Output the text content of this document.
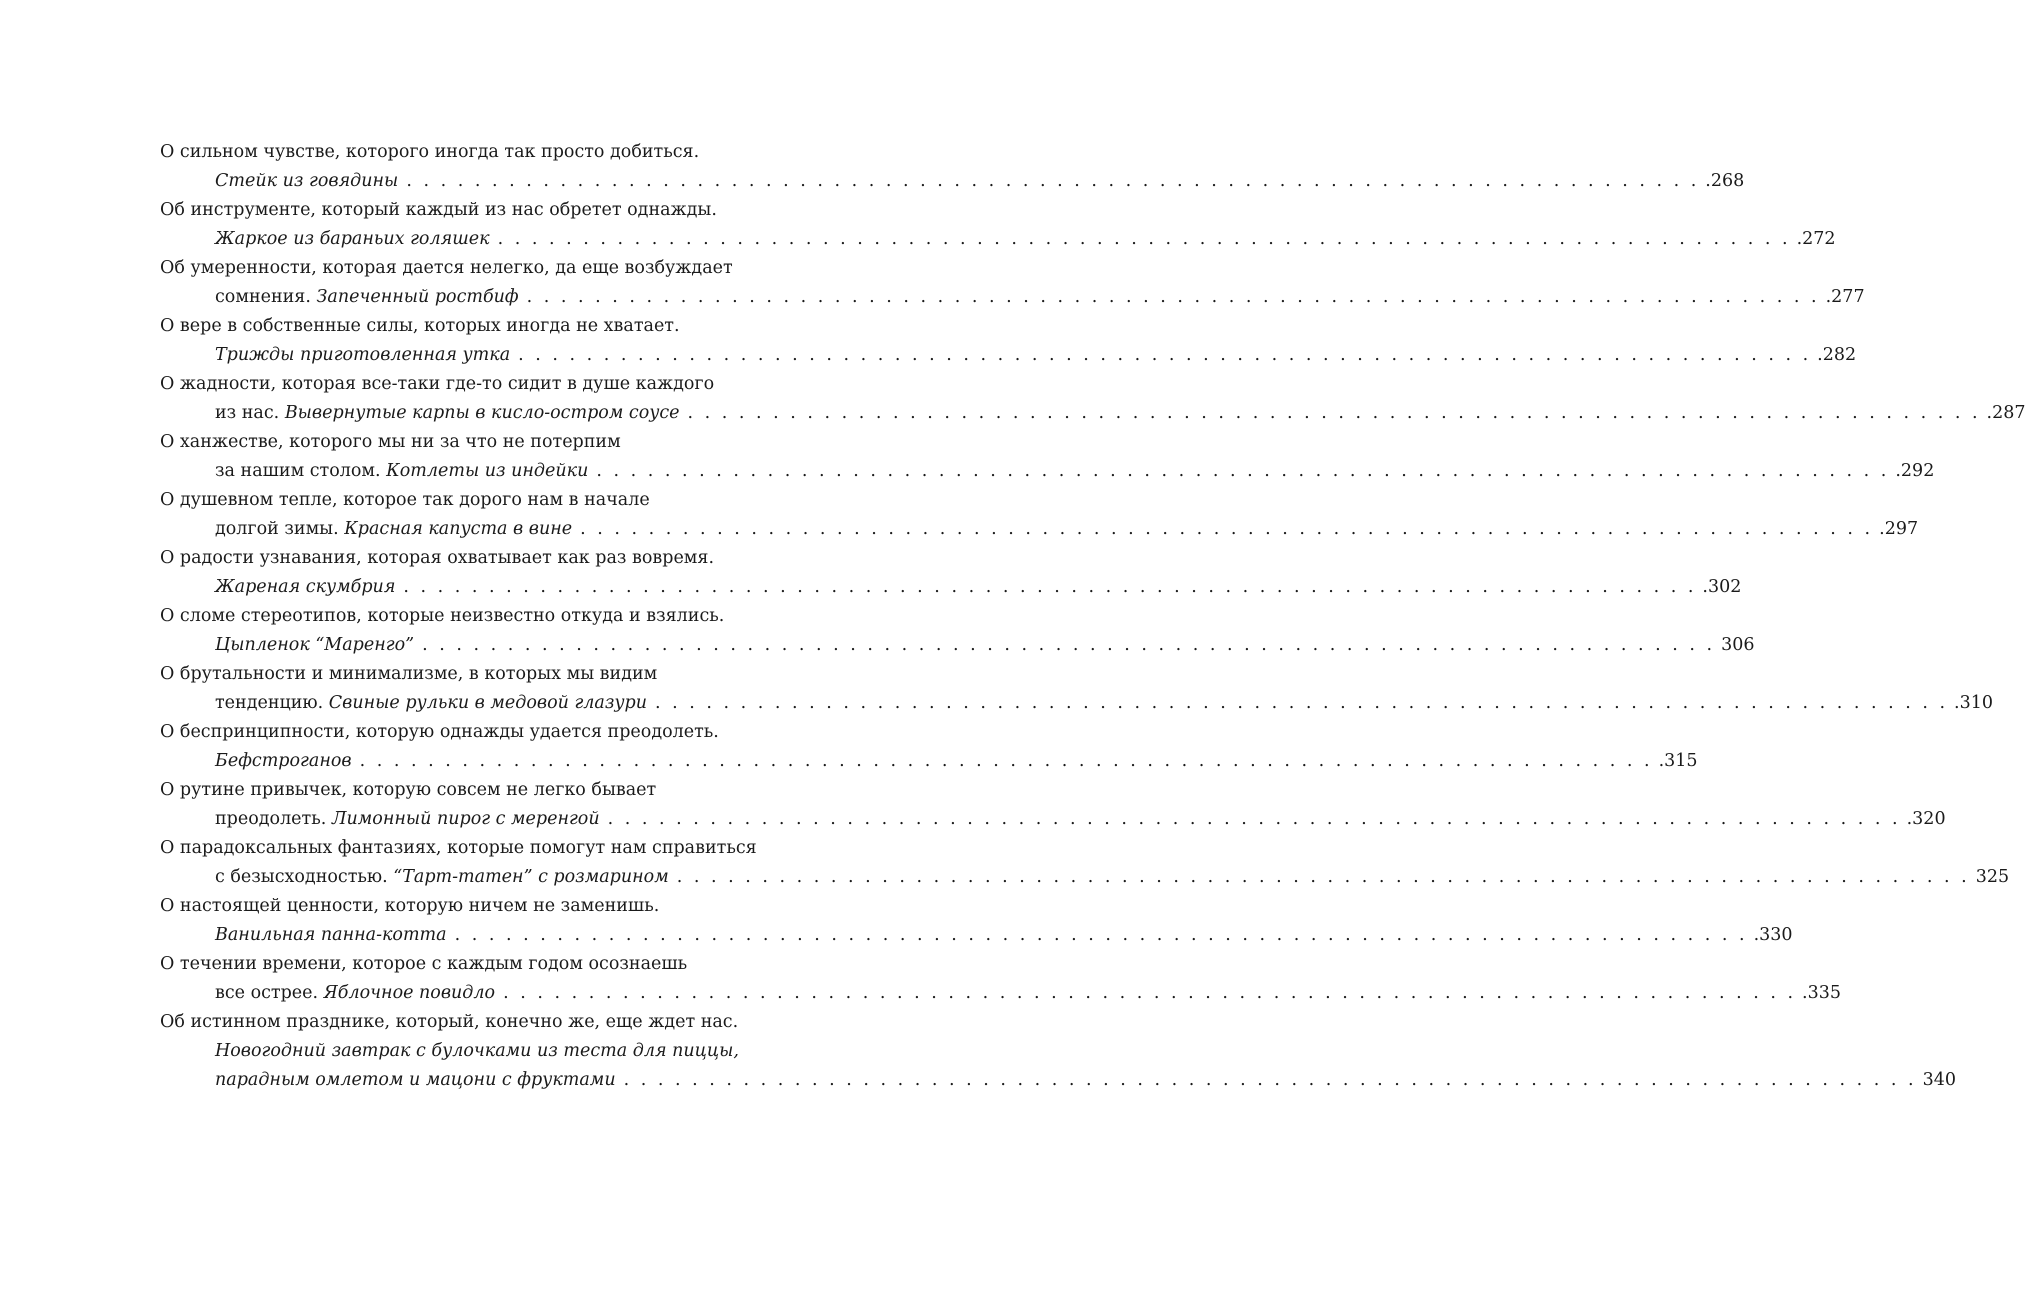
О сильном чувстве, которого иногда так просто добиться.
Стейк из говядины . . . . . . . . . . . . . . . . . . . . . . . . . . . . . . . . . . . . . . . . . . . . . . . . . . . . . . . . . . . . . . . . . . . . . . . . . . . . .268
Об инструменте, который каждый из нас обретет однажды.
Жаркое из бараньих голяшек . . . . . . . . . . . . . . . . . . . . . . . . . . . . . . . . . . . . . . . . . . . . . . . . . . . . . . . . . . . . . . . . . . . . . . . . . . . . .272
Об умеренности, которая дается нелегко, да еще возбуждает
сомнения. Запеченный ростбиф . . . . . . . . . . . . . . . . . . . . . . . . . . . . . . . . . . . . . . . . . . . . . . . . . . . . . . . . . . . . . . . . . . . . . . . . . . . . .277
О вере в собственные силы, которых иногда не хватает.
Трижды приготовленная утка . . . . . . . . . . . . . . . . . . . . . . . . . . . . . . . . . . . . . . . . . . . . . . . . . . . . . . . . . . . . . . . . . . . . . . . . . . . . .282
О жадности, которая все-таки где-то сидит в душе каждого
из нас. Вывернутые карпы в кисло-остром соусе . . . . . . . . . . . . . . . . . . . . . . . . . . . . . . . . . . . . . . . . . . . . . . . . . . . . . . . . . . . . . . . . . . . . . . . . . . . . .287
О ханжестве, которого мы ни за что не потерпим
за нашим столом. Котлеты из индейки . . . . . . . . . . . . . . . . . . . . . . . . . . . . . . . . . . . . . . . . . . . . . . . . . . . . . . . . . . . . . . . . . . . . . . . . . . . . .292
О душевном тепле, которое так дорого нам в начале
долгой зимы. Красная капуста в вине . . . . . . . . . . . . . . . . . . . . . . . . . . . . . . . . . . . . . . . . . . . . . . . . . . . . . . . . . . . . . . . . . . . . . . . . . . . . .297
О радости узнавания, которая охватывает как раз вовремя.
Жареная скумбрия . . . . . . . . . . . . . . . . . . . . . . . . . . . . . . . . . . . . . . . . . . . . . . . . . . . . . . . . . . . . . . . . . . . . . . . . . . . . .302
О сломе стереотипов, которые неизвестно откуда и взялись.
Цыпленок “Маренго” . . . . . . . . . . . . . . . . . . . . . . . . . . . . . . . . . . . . . . . . . . . . . . . . . . . . . . . . . . . . . . . . . . . . . . . . . . . . 306
О брутальности и минимализме, в которых мы видим
тенденцию. Свиные рульки в медовой глазури . . . . . . . . . . . . . . . . . . . . . . . . . . . . . . . . . . . . . . . . . . . . . . . . . . . . . . . . . . . . . . . . . . . . . . . . . . . . .310
О беспринципности, которую однажды удается преодолеть.
Бефстроганов . . . . . . . . . . . . . . . . . . . . . . . . . . . . . . . . . . . . . . . . . . . . . . . . . . . . . . . . . . . . . . . . . . . . . . . . . . . . .315
О рутине привычек, которую совсем не легко бывает
преодолеть. Лимонный пирог с меренгой . . . . . . . . . . . . . . . . . . . . . . . . . . . . . . . . . . . . . . . . . . . . . . . . . . . . . . . . . . . . . . . . . . . . . . . . . . . . .320
О парадоксальных фантазиях, которые помогут нам справиться
с безысходностью. “Тарт-татен” с розмарином . . . . . . . . . . . . . . . . . . . . . . . . . . . . . . . . . . . . . . . . . . . . . . . . . . . . . . . . . . . . . . . . . . . . . . . . . . . . 325
О настоящей ценности, которую ничем не заменишь.
Ванильная панна-котта . . . . . . . . . . . . . . . . . . . . . . . . . . . . . . . . . . . . . . . . . . . . . . . . . . . . . . . . . . . . . . . . . . . . . . . . . . . . .330
О течении времени, которое с каждым годом осознаешь
все острее. Яблочное повидло . . . . . . . . . . . . . . . . . . . . . . . . . . . . . . . . . . . . . . . . . . . . . . . . . . . . . . . . . . . . . . . . . . . . . . . . . . . . .335
Об истинном празднике, который, конечно же, еще ждет нас.
Новогодний завтрак с булочками из теста для пиццы,
парадным омлетом и мацони с фруктами . . . . . . . . . . . . . . . . . . . . . . . . . . . . . . . . . . . . . . . . . . . . . . . . . . . . . . . . . . . . . . . . . . . . . . . . . . . . 340
